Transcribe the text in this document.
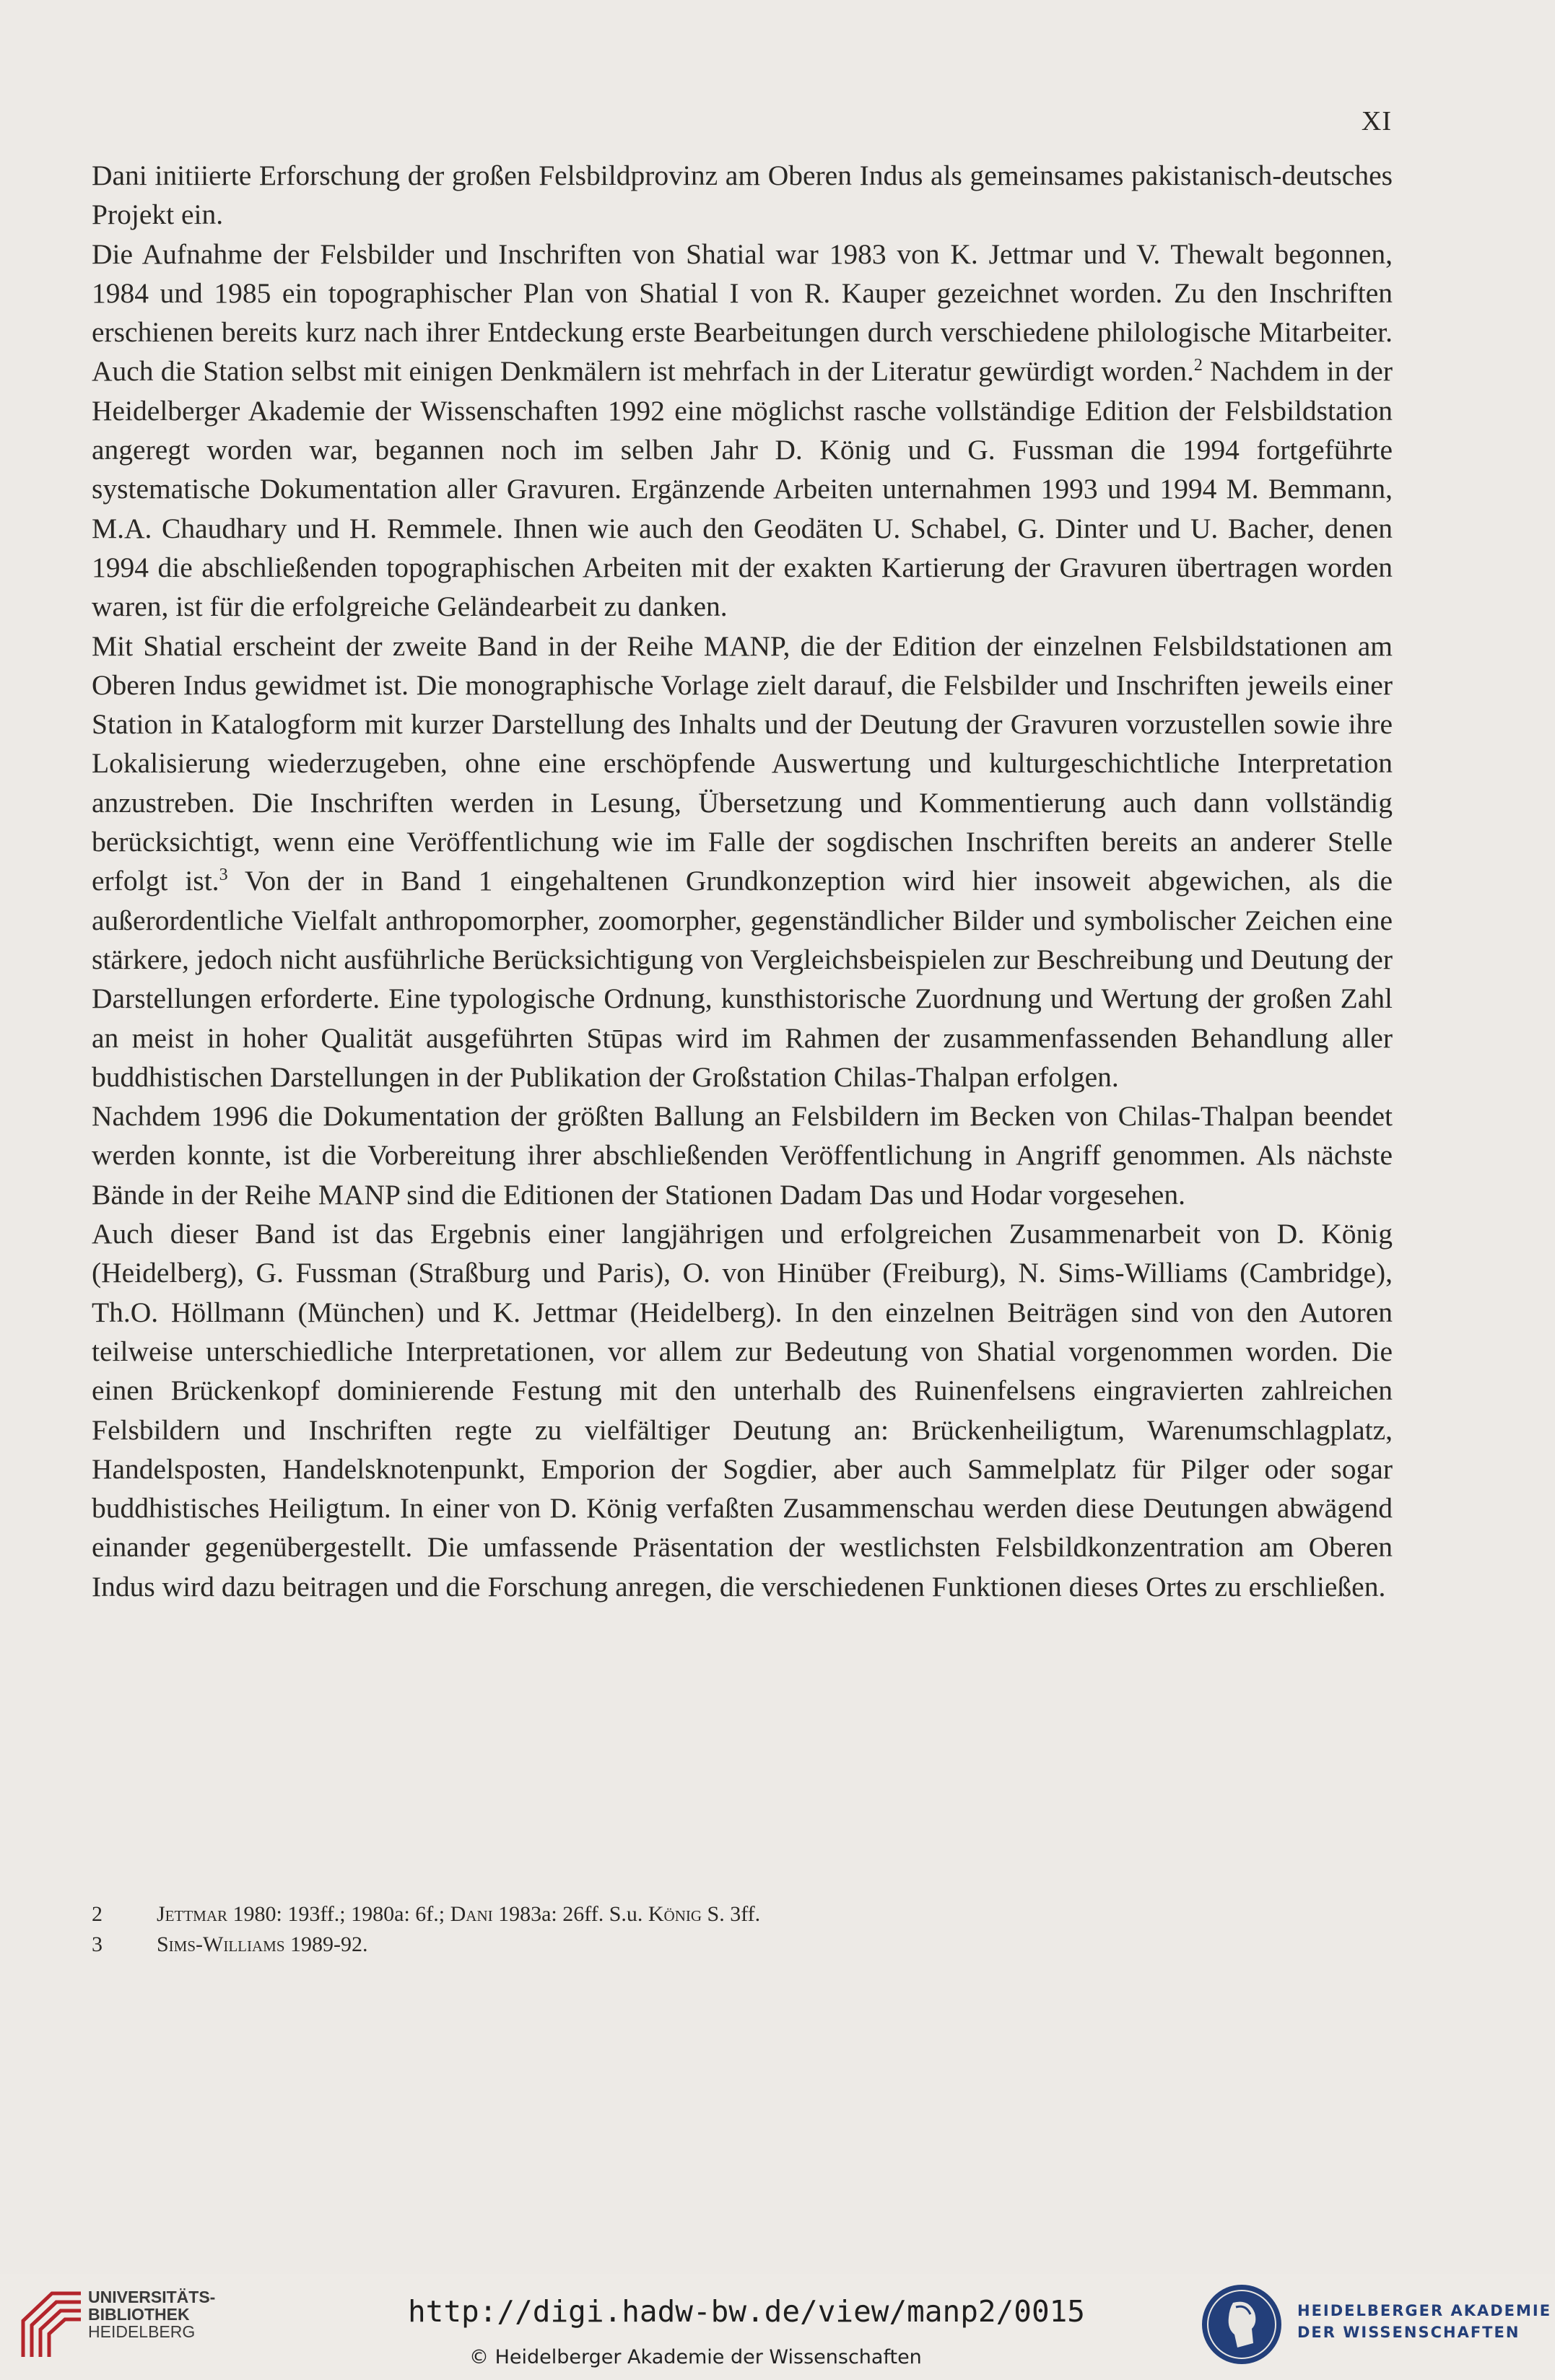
XI

Dani initiierte Erforschung der großen Felsbildprovinz am Oberen Indus als gemeinsames pakistanisch-deutsches Projekt ein.

Die Aufnahme der Felsbilder und Inschriften von Shatial war 1983 von K. Jettmar und V. Thewalt begonnen, 1984 und 1985 ein topographischer Plan von Shatial I von R. Kauper gezeichnet worden. Zu den Inschriften erschienen bereits kurz nach ihrer Entdeckung erste Bearbeitungen durch verschiedene philologische Mitarbeiter. Auch die Station selbst mit einigen Denkmälern ist mehrfach in der Literatur gewürdigt worden.$^2$ Nachdem in der Heidelberger Akademie der Wissenschaften 1992 eine möglichst rasche vollständige Edition der Felsbildstation angeregt worden war, begannen noch im selben Jahr D. König und G. Fussman die 1994 fortgeführte systematische Dokumentation aller Gravuren. Ergänzende Arbeiten unternahmen 1993 und 1994 M. Bemmann, M.A. Chaudhary und H. Remmele. Ihnen wie auch den Geodäten U. Schabel, G. Dinter und U. Bacher, denen 1994 die abschließenden topographischen Arbeiten mit der exakten Kartierung der Gravuren übertragen worden waren, ist für die erfolgreiche Geländearbeit zu danken.

Mit Shatial erscheint der zweite Band in der Reihe MANP, die der Edition der einzelnen Felsbildstationen am Oberen Indus gewidmet ist. Die monographische Vorlage zielt darauf, die Felsbilder und Inschriften jeweils einer Station in Katalogform mit kurzer Darstellung des Inhalts und der Deutung der Gravuren vorzustellen sowie ihre Lokalisierung wiederzugeben, ohne eine erschöpfende Auswertung und kulturgeschichtliche Interpretation anzustreben. Die Inschriften werden in Lesung, Übersetzung und Kommentierung auch dann vollständig berücksichtigt, wenn eine Veröffentlichung wie im Falle der sogdischen Inschriften bereits an anderer Stelle erfolgt ist.$^3$ Von der in Band 1 eingehaltenen Grundkonzeption wird hier insoweit abgewichen, als die außerordentliche Vielfalt anthropomorpher, zoomorpher, gegenständlicher Bilder und symbolischer Zeichen eine stärkere, jedoch nicht ausführliche Berücksichtigung von Vergleichsbeispielen zur Beschreibung und Deutung der Darstellungen erforderte. Eine typologische Ordnung, kunsthistorische Zuordnung und Wertung der großen Zahl an meist in hoher Qualität ausgeführten Stūpas wird im Rahmen der zusammenfassenden Behandlung aller buddhistischen Darstellungen in der Publikation der Großstation Chilas-Thalpan erfolgen.

Nachdem 1996 die Dokumentation der größten Ballung an Felsbildern im Becken von Chilas-Thalpan beendet werden konnte, ist die Vorbereitung ihrer abschließenden Veröffentlichung in Angriff genommen. Als nächste Bände in der Reihe MANP sind die Editionen der Stationen Dadam Das und Hodar vorgesehen.

Auch dieser Band ist das Ergebnis einer langjährigen und erfolgreichen Zusammenarbeit von D. König (Heidelberg), G. Fussman (Straßburg und Paris), O. von Hinüber (Freiburg), N. Sims-Williams (Cambridge), Th.O. Höllmann (München) und K. Jettmar (Heidelberg). In den einzelnen Beiträgen sind von den Autoren teilweise unterschiedliche Interpretationen, vor allem zur Bedeutung von Shatial vorgenommen worden. Die einen Brückenkopf dominierende Festung mit den unterhalb des Ruinenfelsens eingravierten zahlreichen Felsbildern und Inschriften regte zu vielfältiger Deutung an: Brückenheiligtum, Warenumschlagplatz, Handelsposten, Handelsknotenpunkt, Emporion der Sogdier, aber auch Sammelplatz für Pilger oder sogar buddhistisches Heiligtum. In einer von D. König verfaßten Zusammenschau werden diese Deutungen abwägend einander gegenübergestellt. Die umfassende Präsentation der westlichsten Felsbildkonzentration am Oberen Indus wird dazu beitragen und die Forschung anregen, die verschiedenen Funktionen dieses Ortes zu erschließen.

2	Jettmar 1980: 193ff.; 1980a: 6f.; Dani 1983a: 26ff. S.u. König S. 3ff.
3	Sims-Williams 1989-92.
UNIVERSITÄTS-
BIBLIOTHEK
HEIDELBERG
http://digi.hadw-bw.de/view/manp2/0015
© Heidelberger Akademie der Wissenschaften
HEIDELBERGER AKADEMIE
DER WISSENSCHAFTEN
